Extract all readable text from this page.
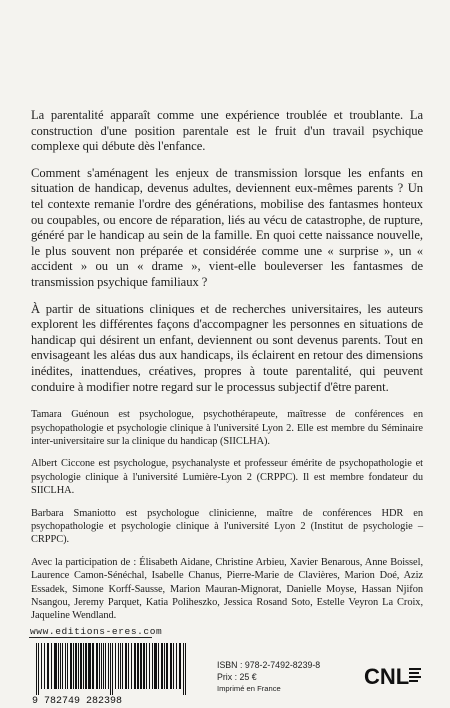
La parentalité apparaît comme une expérience troublée et troublante. La construction d'une position parentale est le fruit d'un travail psychique complexe qui débute dès l'enfance.

Comment s'aménagent les enjeux de transmission lorsque les enfants en situation de handicap, devenus adultes, deviennent eux-mêmes parents ? Un tel contexte remanie l'ordre des générations, mobilise des fantasmes honteux ou coupables, ou encore de réparation, liés au vécu de catastrophe, de rupture, généré par le handicap au sein de la famille. En quoi cette naissance nouvelle, le plus souvent non préparée et considérée comme une « surprise », un « accident » ou un « drame », vient-elle bouleverser les fantasmes de transmission psychique familiaux ?

À partir de situations cliniques et de recherches universitaires, les auteurs explorent les différentes façons d'accompagner les personnes en situations de handicap qui désirent un enfant, deviennent ou sont devenus parents. Tout en envisageant les aléas dus aux handicaps, ils éclairent en retour des dimensions inédites, inattendues, créatives, propres à toute parentalité, qui peuvent conduire à modifier notre regard sur le processus subjectif d'être parent.

Tamara Guénoun est psychologue, psychothérapeute, maîtresse de conférences en psychopathologie et psychologie clinique à l'université Lyon 2. Elle est membre du Séminaire inter-universitaire sur la clinique du handicap (SIICLHA).

Albert Ciccone est psychologue, psychanalyste et professeur émérite de psychopathologie et psychologie clinique à l'université Lumière-Lyon 2 (CRPPC). Il est membre fondateur du SIICLHA.

Barbara Smaniotto est psychologue clinicienne, maître de conférences HDR en psychopathologie et psychologie clinique à l'université Lyon 2 (Institut de psychologie – CRPPC).

Avec la participation de : Élisabeth Aidane, Christine Arbieu, Xavier Benarous, Anne Boissel, Laurence Camon-Sénéchal, Isabelle Chanus, Pierre-Marie de Clavières, Marion Doé, Aziz Essadek, Simone Korff-Sausse, Marion Mauran-Mignorat, Danielle Moyse, Hassan Njifon Nsangou, Jeremy Parquet, Katia Poliheszko, Jessica Rosand Soto, Estelle Veyron La Croix, Jaqueline Wendland.

www.editions-eres.com
9 782749 282398
ISBN : 978-2-7492-8239-8
Prix : 25 €
Imprimé en France	CNL
